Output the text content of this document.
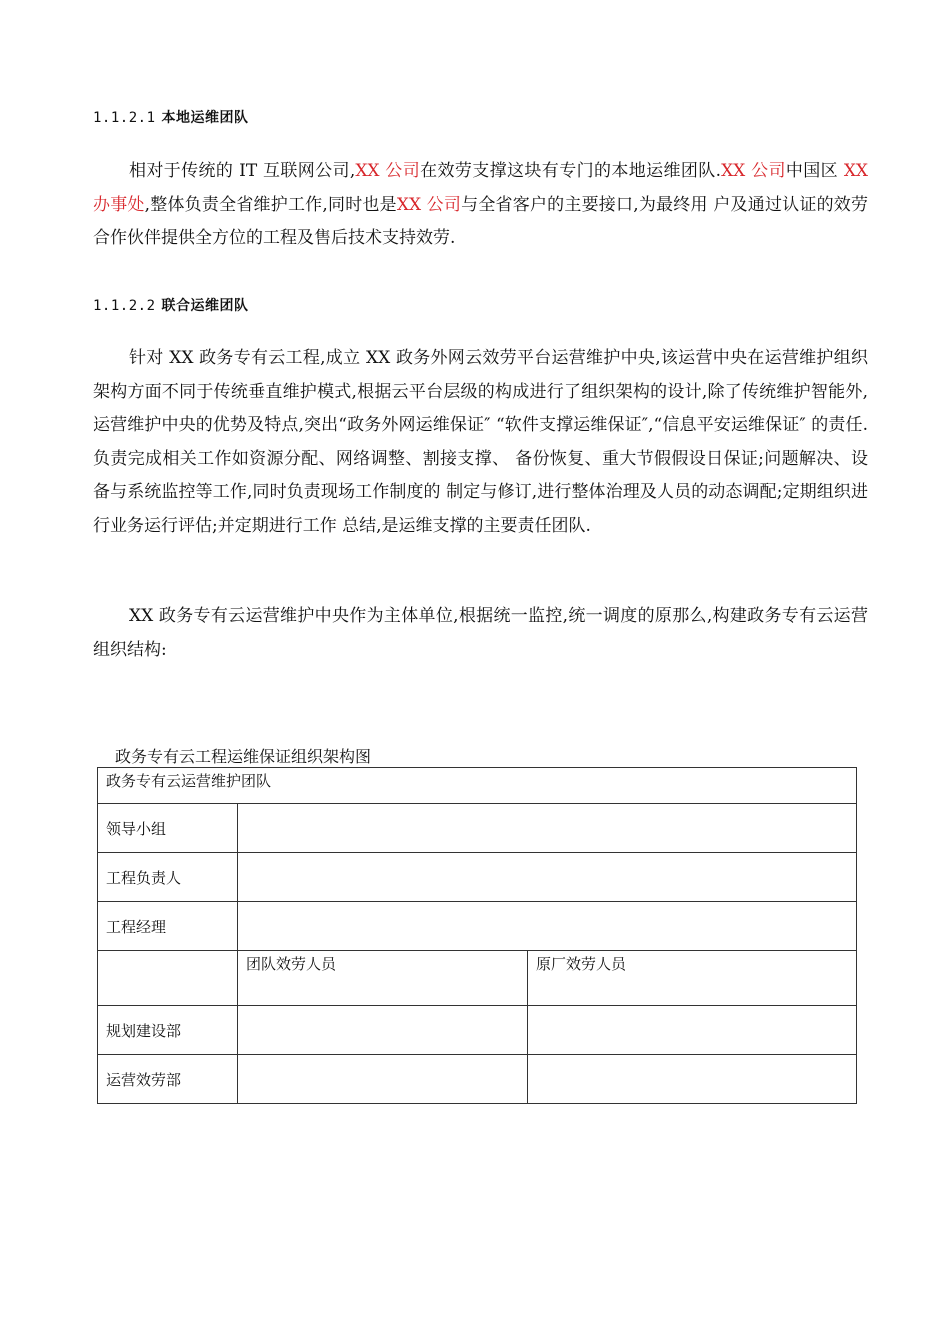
1.1.2.1 本地运维团队
相对于传统的 IT 互联网公司,XX 公司在效劳支撑这块有专门的本地运维团队.XX 公司中国区 XX 办事处,整体负责全省维护工作,同时也是XX 公司与全省客户的主要接口,为最终用 户及通过认证的效劳合作伙伴提供全方位的工程及售后技术支持效劳.
1.1.2.2 联合运维团队
针对 XX 政务专有云工程,成立 XX 政务外网云效劳平台运营维护中央,该运营中央在运营维护组织架构方面不同于传统垂直维护模式,根据云平台层级的构成进行了组织架构的设计,除了传统维护智能外,运营维护中央的优势及特点,突出“政务外网运维保证″ “软件支撑运维保证″,“信息平安运维保证″ 的责任.负责完成相关工作如资源分配、网络调整、割接支撑、 备份恢复、重大节假假设日保证;问题解决、设备与系统监控等工作,同时负责现场工作制度的 制定与修订,进行整体治理及人员的动态调配;定期组织进行业务运行评估;并定期进行工作 总结,是运维支撑的主要责任团队.
XX 政务专有云运营维护中央作为主体单位,根据统一监控,统一调度的原那么,构建政务专有云运营组织结构:
政务专有云工程运维保证组织架构图
政务专有云运营维护团队		
领导小组		
工程负责人		
工程经理		
	团队效劳人员	原厂效劳人员
规划建设部		
运营效劳部		
